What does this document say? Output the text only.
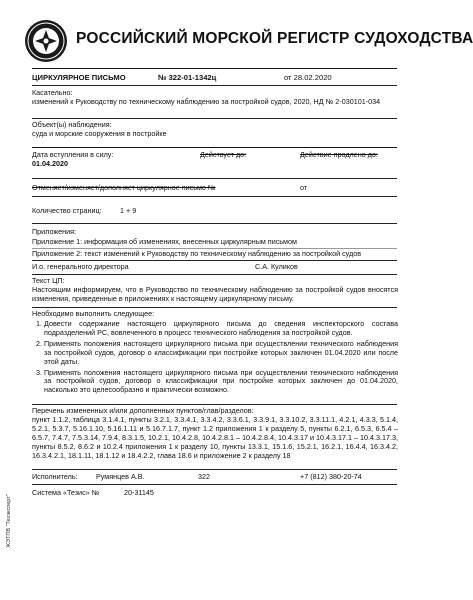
РОССИЙСКИЙ МОРСКОЙ РЕГИСТР СУДОХОДСТВА
ЦИРКУЛЯРНОЕ ПИСЬМО	№ 322-01-1342ц	от 28.02.2020
Касательно:
изменений к Руководству по техническому наблюдению за постройкой судов, 2020, НД № 2-030101-034
Объект(ы) наблюдения:
суда и морские сооружения в постройке
Дата вступления в силу:
01.04.2020
Действует до:	Действие продлено до:
Отменяет/изменяет/дополняет циркулярное письмо №	от
Количество страниц:	1 + 9
Приложения:
Приложение 1: информация об изменениях, внесенных циркулярным письмом
Приложение 2: текст изменений к Руководству по техническому наблюдению за постройкой судов
И.о. генерального директора	С.А. Куликов
Текст ЦП:
Настоящим информируем, что в Руководство по техническому наблюдению за постройкой судов вносятся изменения, приведенные в приложениях к настоящему циркулярному письму.
Необходимо выполнить следующее:
1. Довести содержание настоящего циркулярного письма до сведения инспекторского состава подразделений РС, вовлеченного в процесс технического наблюдения за постройкой судов.
2. Применять положения настоящего циркулярного письма при осуществлении технического наблюдения за постройкой судов, договор о классификации при постройке которых заключен 01.04.2020 или после этой даты.
3. Применять положения настоящего циркулярного письма при осуществлении технического наблюдения за постройкой судов, договор о классификации при постройке которых заключен до 01.04.2020, насколько это целесообразно и практически возможно.
Перечень измененных и/или дополненных пунктов/глав/разделов:
пункт 1.1.2, таблица 3.1.4.1, пункты 3.2.1, 3.3.4.1, 3.3.4.2, 3.3.6.1, 3.3.9.1, 3.3.10.2, 3.3.11.1, 4.2.1, 4.3.3, 5.1.4, 5.2.1, 5.3.7, 5.16.1.10, 5.16.1.11 и 5.16.7.1.7, пункт 1.2 приложения 1 к разделу 5, пункты 6.2.1, 6.5.3, 6.5.4 – 6.5.7, 7.4.7, 7.5.3.14, 7.9.4, 8.3.1.5, 10.2.1, 10.4.2.8, 10.4.2.8.1 – 10.4.2.8.4, 10.4.3.17 и 10.4.3.17.1 – 10.4.3.17.3, пункты 8.5.2, 8.6.2 и 10.2.4 приложения 1 к разделу 10, пункты 13.3.1, 15.1.6, 15.2.1, 16.2.1, 16.4.4, 16.3.4.2, 16.3.4.2.1, 18.1.11, 18.1.12 и 18.4.2.2, глава 18.6 и приложение 2 к разделу 18
Исполнитель:	Румянцев А.В.	322	+7 (812) 380-20-74
Система «Тезис» №	20-31145
ЖЭТПВ "Техэксперт"
